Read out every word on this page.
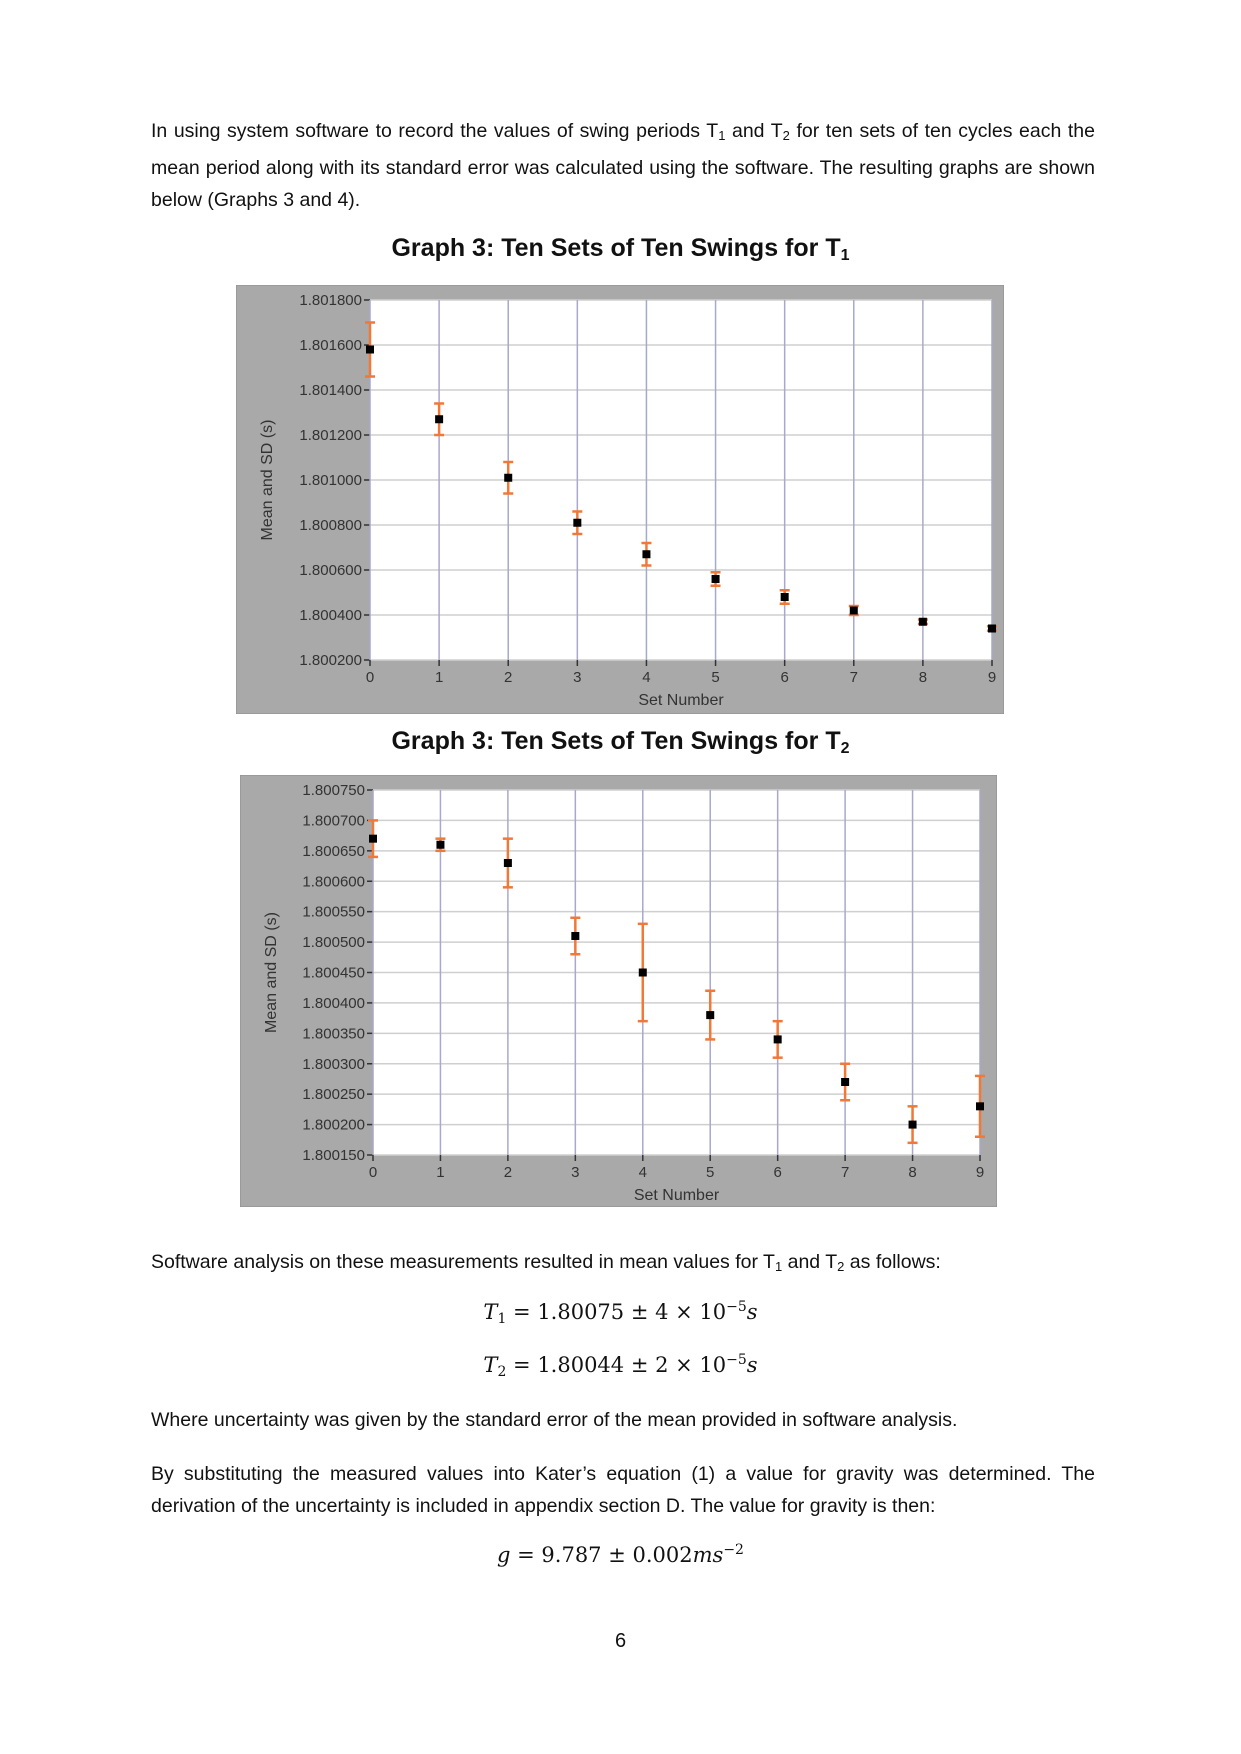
In using system software to record the values of swing periods $T_1$ and $T_2$ for ten sets of ten cycles each the mean period along with its standard error was calculated using the software. The resulting graphs are shown below (Graphs 3 and 4).
Graph 3: Ten Sets of Ten Swings for $T_1$
1.801800
1.801600
1.801400
1.801200
1.801000
1.800800
1.800600
1.800400
1.800200
0	1	2	3	4	5	6	7	8	9
Set Number
Mean and SD (s)
Graph 3: Ten Sets of Ten Swings for $T_2$
1.800750
1.800700
1.800650
1.800600
1.800550
1.800500
1.800450
1.800400
1.800350
1.800300
1.800250
1.800200
1.800150
0	1	2	3	4	5	6	7	8	9
Set Number
Mean and SD (s)
Software analysis on these measurements resulted in mean values for $T_1$ and $T_2$ as follows:
$T_1 = 1.80075 \pm 4 \times 10^{-5}s$
$T_2 = 1.80044 \pm 2 \times 10^{-5}s$
Where uncertainty was given by the standard error of the mean provided in software analysis.
By substituting the measured values into Kater’s equation (1) a value for gravity was determined. The derivation of the uncertainty is included in appendix section D. The value for gravity is then:
$g = 9.787 \pm 0.002ms^{-2}$
6
